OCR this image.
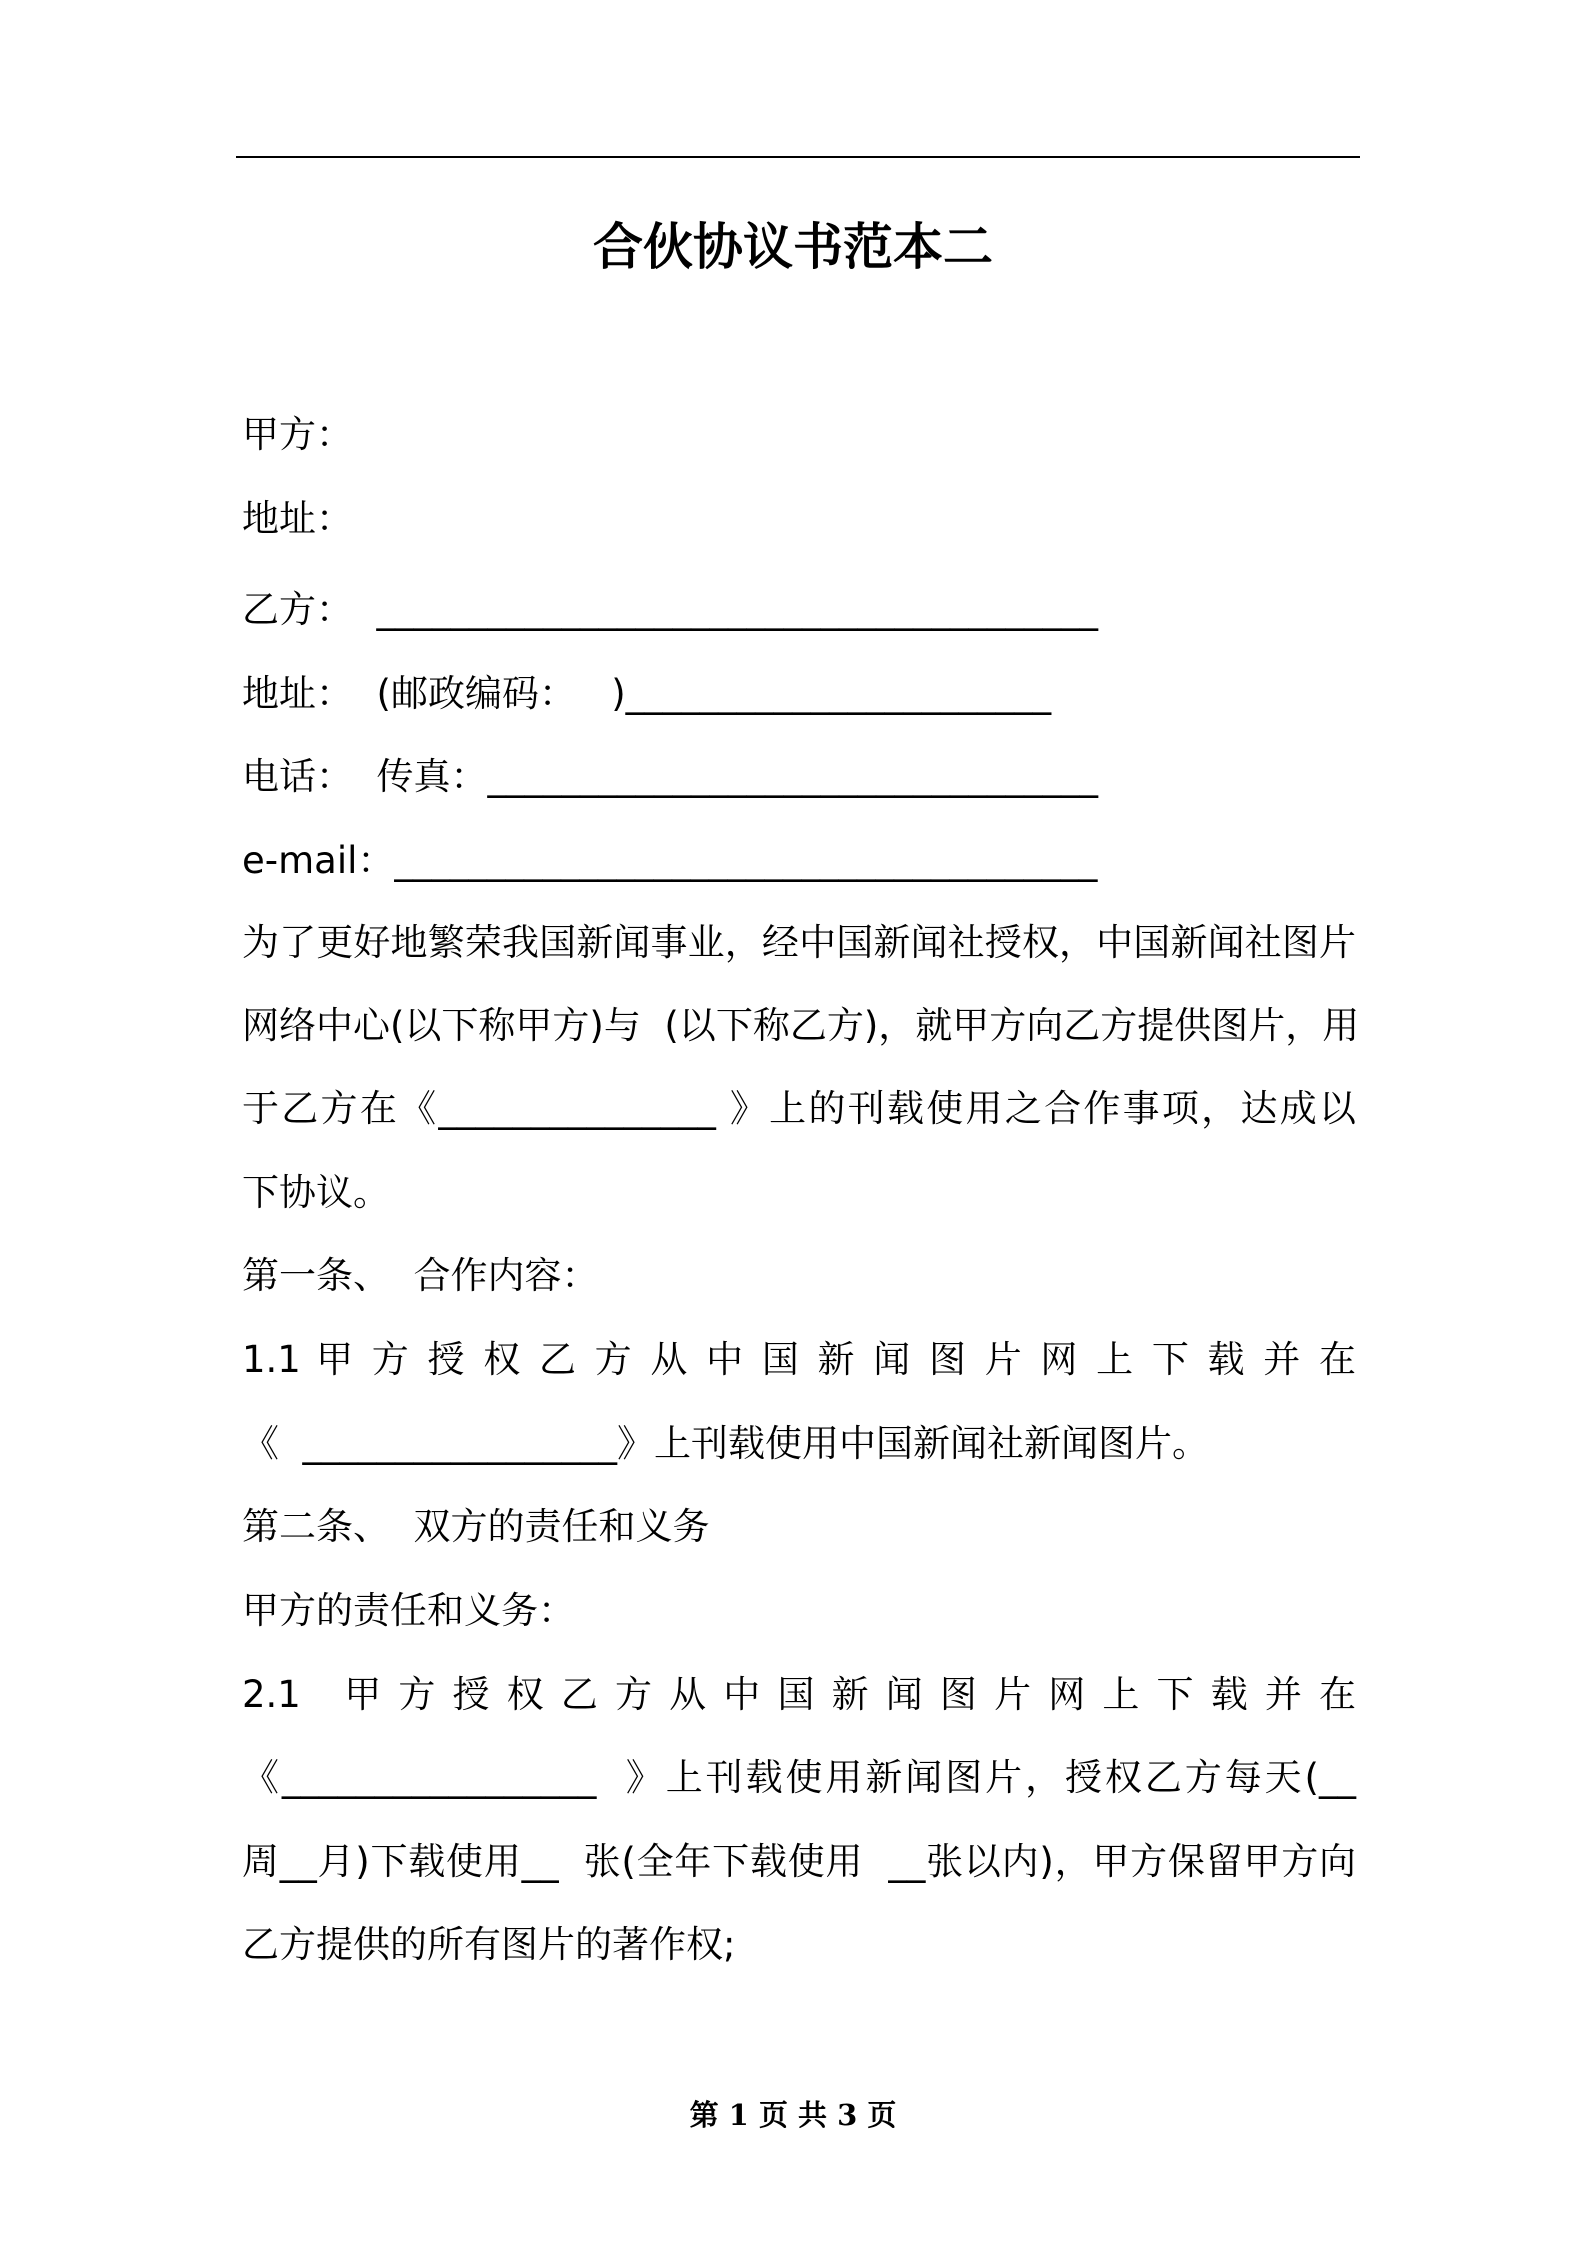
合伙协议书范本二
甲方：
地址：
乙方：  _______________________________________
地址：  (邮政编码：   )_______________________
电话：  传真：_________________________________
e-mail：______________________________________
为了更好地繁荣我国新闻事业，经中国新闻社授权，中国新闻社图片
网络中心(以下称甲方)与  (以下称乙方)，就甲方向乙方提供图片，用
于乙方在《_______________ 》上的刊载使用之合作事项，达成以
下协议。
第一条、  合作内容：
1.1 甲 方 授 权 乙 方 从 中 国 新 闻 图 片 网 上 下 载 并 在
《  _________________》上刊载使用中国新闻社新闻图片。
第二条、  双方的责任和义务
甲方的责任和义务：
2.1   甲 方 授 权 乙 方 从 中 国 新 闻 图 片 网 上 下 载 并 在
《_________________  》上刊载使用新闻图片，授权乙方每天(__
周__月)下载使用__  张(全年下载使用  __张以内)，甲方保留甲方向
乙方提供的所有图片的著作权;
第 1 页 共 3 页
